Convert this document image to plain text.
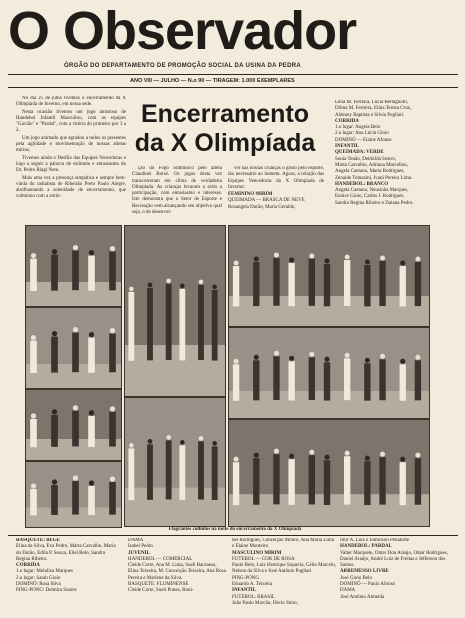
O Observador
ÓRGÃO DO DEPARTAMENTO DE PROMOÇÃO SOCIAL DA USINA DA PEDRA
ANO VIII — JULHO — N.o 90 — TIRAGEM: 1.000 EXEMPLARES

No dia 25 de julho tivemos o encerramento da X Olimpíada de Inverno, em nossa sede.

Nesta ocasião tivemos um jogo amistoso de Handebol Infantil Masculino, com as equipes "Gavião" e "Pardal", com a vitória do primeiro por 3 a 2.

Um jogo animado que agradou a todos os presentes pela agilidade e movimentação de nossas atletas mirins.

Tivemos ainda o Desfile das Equipes Vencedoras e logo a seguir a palavra de estímulo e entusiasmo do Dr. Pedro Biagi Neto.

Mais uma vez a presença simpática e sempre bem-vinda do radialista de Ribeirão Preto Paulo Alegre, abrilhantando a solenidade de encerramento, que culminou com a extin-

Encerramento
da X Olimpíada

ção do Fogo Simbólico pelo atleta Claudinei Borsé. Os jogos desta vez transcorreram em clima de verdadeira Olimpíada. As crianças levaram a sério a participação, com entusiasmo e interesse. Isto demonstra que o Setor de Esporte e Recreação vem alcançando seu objetivo qual seja, o de desenvol-

ver nas nossas crianças o gosto pelo esporte, tão necessário ao homem. Agora, a relação das Equipes Vencedoras da X Olimpíada de Inverno:

FEMININO MIRIM
QUEIMADA — BRASCA DE NEVE
Rosangela Durão, Maria Geraldo,
Lélia M. Ferreira, Lucia Bertagnolli,
Dilma M. Ferreira, Elina Tereza Cruz,
Aldeany Baptista e Silvia Pugliari.
CORRIDA
1.o lugar: Angela Belo
2.o lugar: Ana Lúcia Gioio
DOMINÓ — Elaine Afonso
INFANTIL
QUEIMADA: VERDE
Sonia Tenão, Deimilda Sostro,
Marta Carvalho, Adriana Marcelino,
Angela Caetano, Marta Rodrigues,
Zenaide Tomazini, Ivani Pereira Lima.
HANDEBOL: BRANCO
Angela Caetano, Neusinha Marques,
Eunice Gioio, Carlos J. Rodrigues,
Sandra Regina Ribeiro e Daiana Pedro.
Flagrantes colhidos na noite do encerramento da X Olimpíada
BASQUETE: BEGE
Elina da Silva, Eva Pedro, Marta Carvalho, Maria do Durão, Edila P. Souza, Eliel Belo, Sandra Regina Ribeiro.
CORRIDA
1.o lugar: Meluliza Marques
2.o lugar: Sarah Gioio
DOMINÓ: Rosa Silva
PING-PONG: Deimira Soares
DAMA
Isabel Pedro
JUVENIL
HANDEBOL — COMERCIAL
Cleide Corte, Ana M. Lima, Sueli Baronesa, Elina Teixeira, M. Conceição Teixeira, Ana Rosa Pereira e Marlene da Silva.
BASQUETE: FLUMINENSE
Cleide Corte, Sueli Prates, Roni-
nei Rodrigues, Conceição Mouro, Ana Maria Lima e Elaine Monteiro
MASCULINO MIRIM
FUTEBOL — COR DE ROSA
Paulo Belo, Luiz Henrique Siqueira, Célio Marcelo, Nelson da Silva e José Antônio Pugliari
PING-PONG
Eduardo A. Teixeira
INFANTIL
FUTEBOL: BRASIL
João Paulo Marcão, Décio Simo,
Imir A. Luiz e Edmilson Penaforte
HANDEBOL: PARDAL
Valter Marquete, Omar Don Araújo, Odair Rodrigues, Daniel Araújo, André Luiz de Freitas e Jefferson dos Santos.
ARREMESSO LIVRE
José Gioio Belo
DOMINÓ — Paulo Afonso
DAMA
José Antônio Almeida
